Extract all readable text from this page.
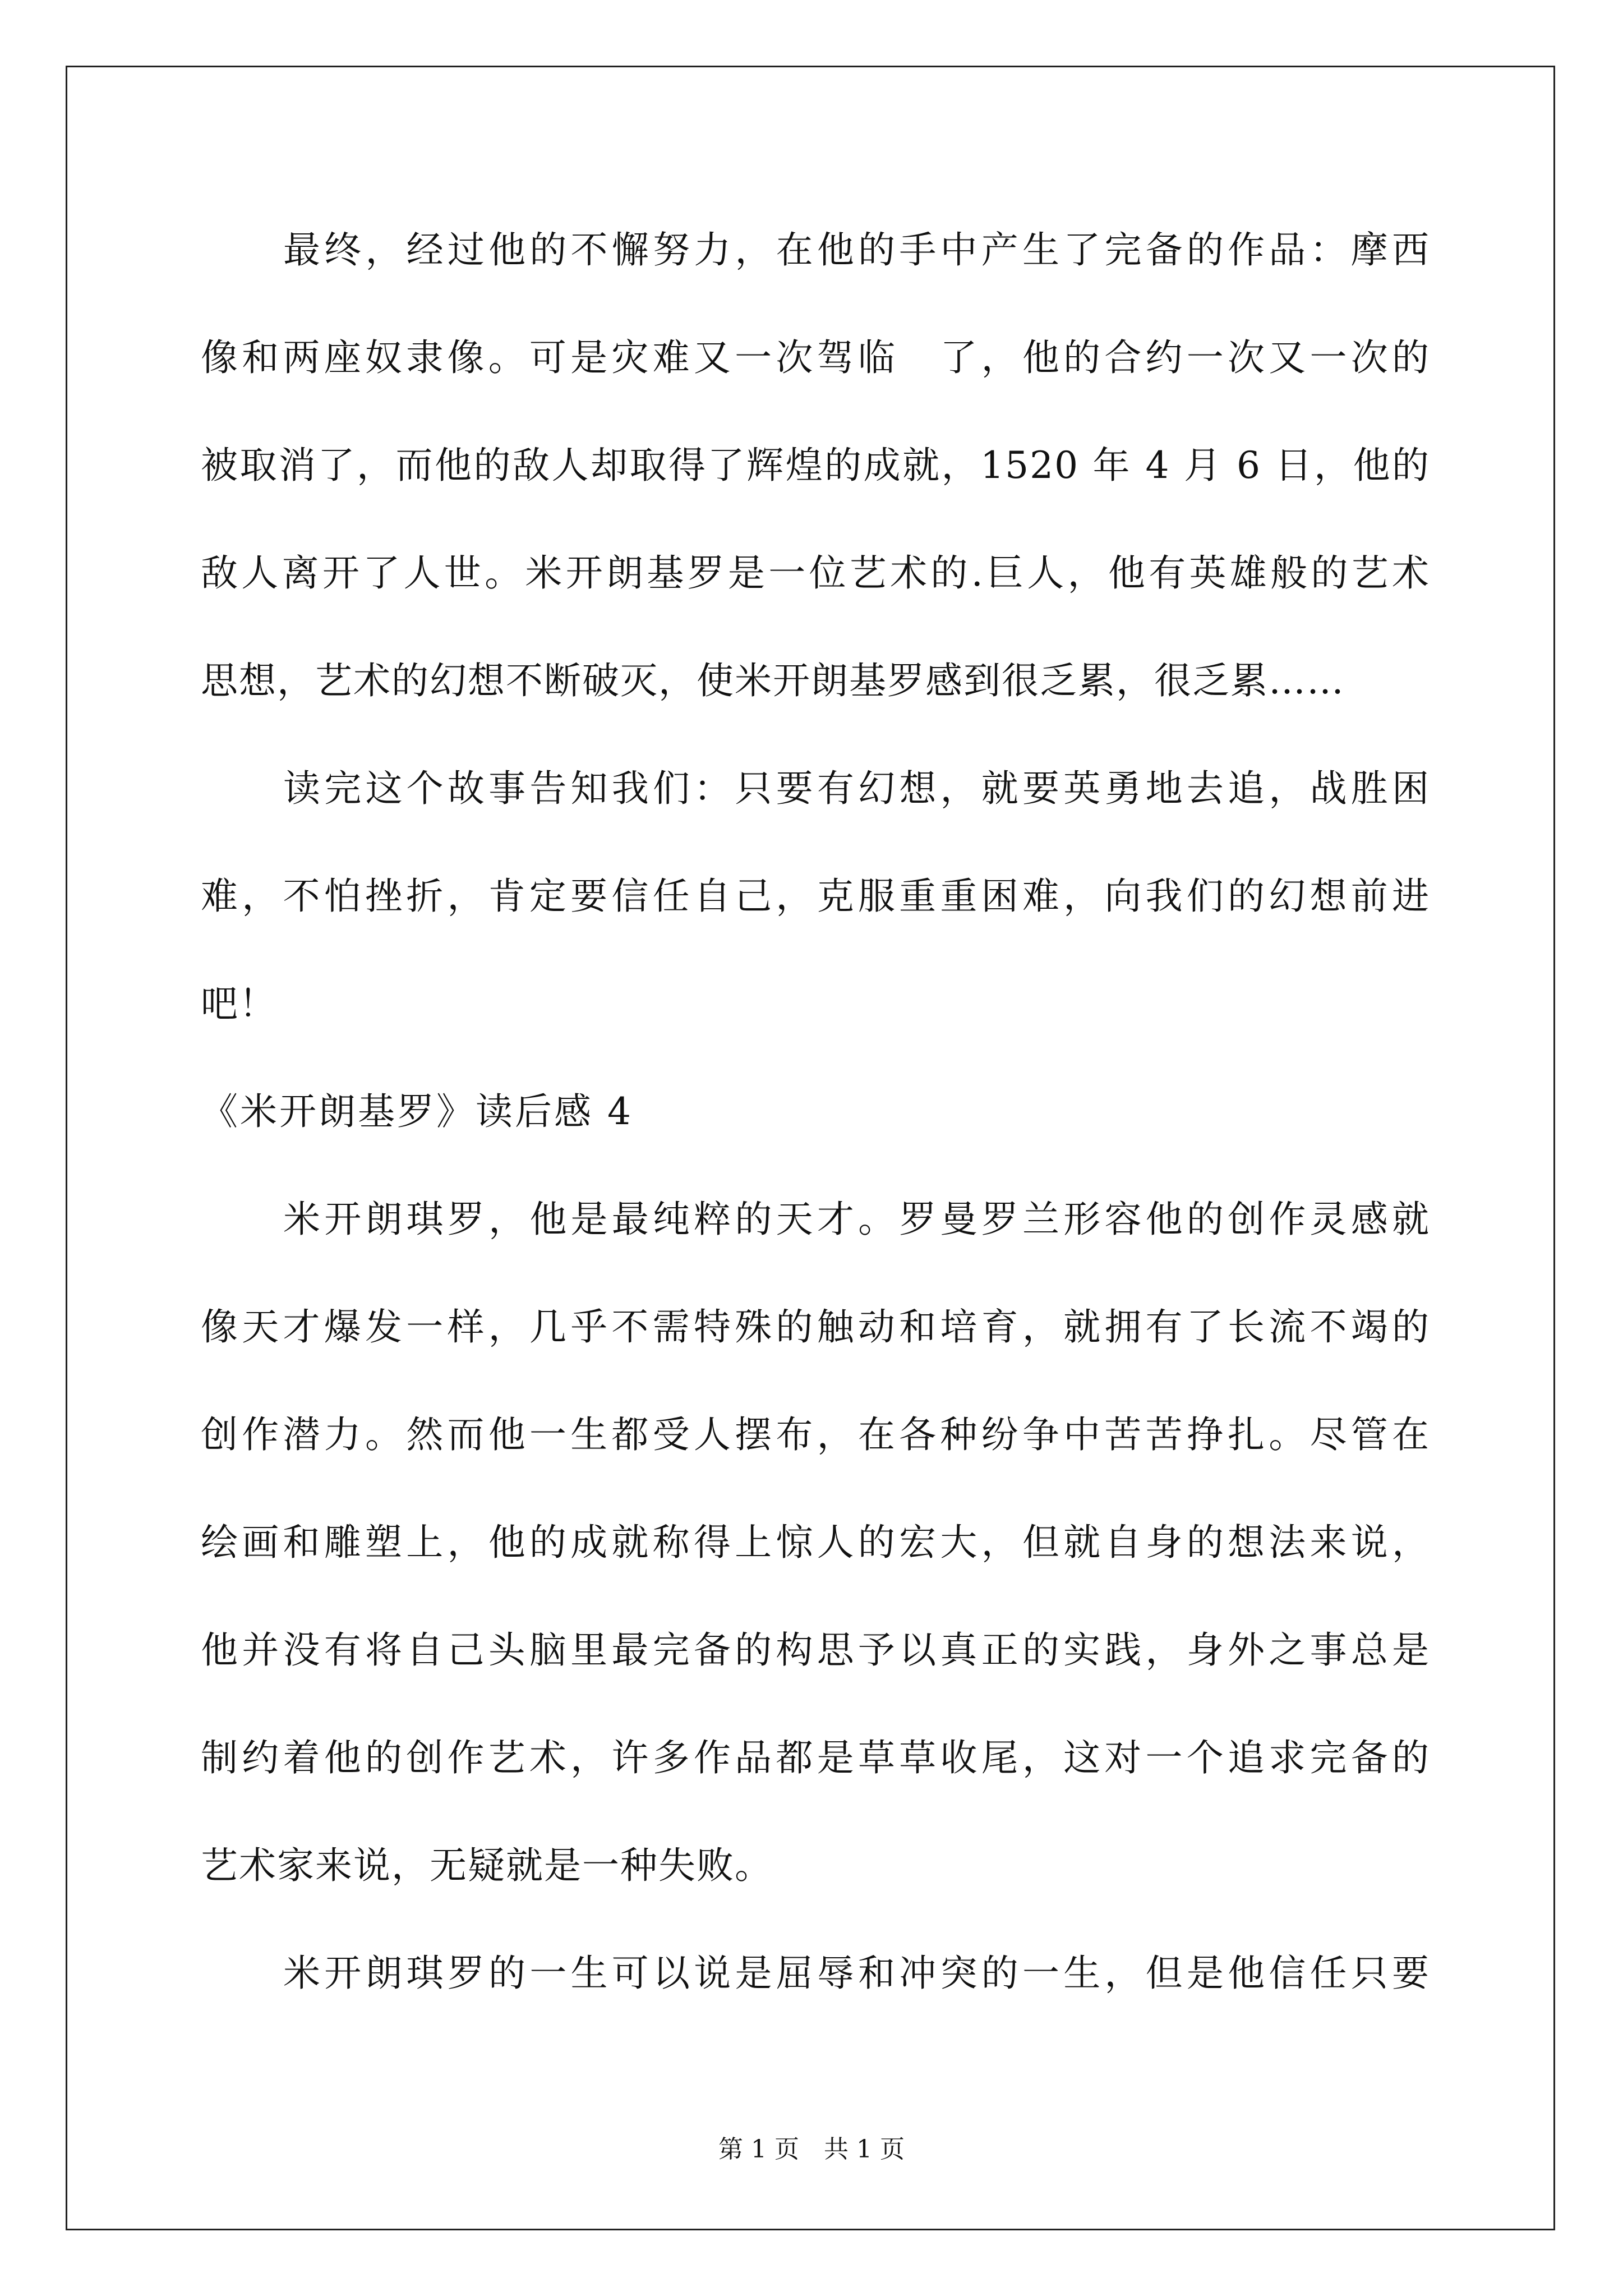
最终，经过他的不懈努力，在他的手中产生了完备的作品：摩西
像和两座奴隶像。可是灾难又一次驾临　了，他的合约一次又一次的
被取消了，而他的敌人却取得了辉煌的成就，1520 年 4 月 6 日，他的
敌人离开了人世。米开朗基罗是一位艺术的.巨人，他有英雄般的艺术
思想，艺术的幻想不断破灭，使米开朗基罗感到很乏累，很乏累……
读完这个故事告知我们：只要有幻想，就要英勇地去追，战胜困
难，不怕挫折，肯定要信任自己，克服重重困难，向我们的幻想前进
吧！
《米开朗基罗》读后感 4
米开朗琪罗，他是最纯粹的天才。罗曼罗兰形容他的创作灵感就
像天才爆发一样，几乎不需特殊的触动和培育，就拥有了长流不竭的
创作潜力。然而他一生都受人摆布，在各种纷争中苦苦挣扎。尽管在
绘画和雕塑上，他的成就称得上惊人的宏大，但就自身的想法来说，
他并没有将自己头脑里最完备的构思予以真正的实践，身外之事总是
制约着他的创作艺术，许多作品都是草草收尾，这对一个追求完备的
艺术家来说，无疑就是一种失败。
米开朗琪罗的一生可以说是屈辱和冲突的一生，但是他信任只要
第 1 页　共 1 页
